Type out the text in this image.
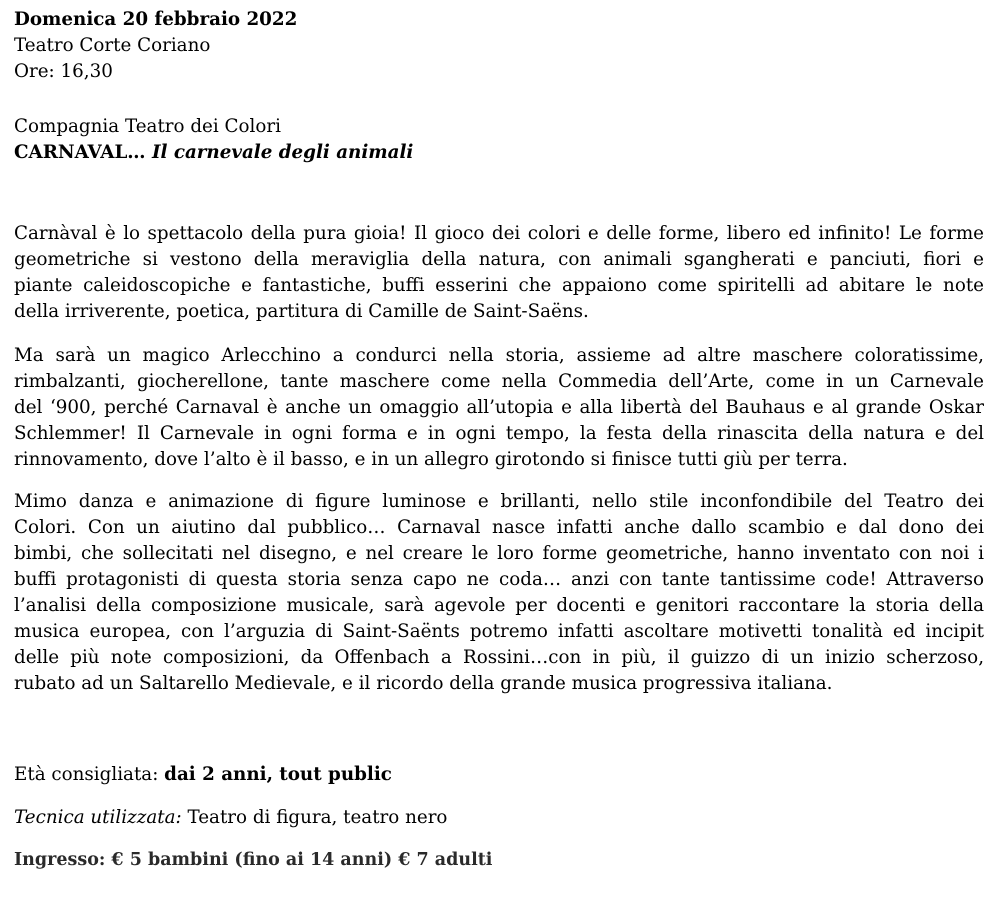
Domenica 20 febbraio 2022
Teatro Corte Coriano
Ore: 16,30
Compagnia Teatro dei Colori
CARNAVAL… Il carnevale degli animali
Carnàval è lo spettacolo della pura gioia! Il gioco dei colori e delle forme, libero ed infinito! Le forme
geometriche si vestono della meraviglia della natura, con animali sgangherati e panciuti, fiori e
piante caleidoscopiche e fantastiche, buffi esserini che appaiono come spiritelli ad abitare le note
della irriverente, poetica, partitura di Camille de Saint-Saëns.
Ma sarà un magico Arlecchino a condurci nella storia, assieme ad altre maschere coloratissime,
rimbalzanti, giocherellone, tante maschere come nella Commedia dell’Arte, come in un Carnevale
del ‘900, perché Carnaval è anche un omaggio all’utopia e alla libertà del Bauhaus e al grande Oskar
Schlemmer! Il Carnevale in ogni forma e in ogni tempo, la festa della rinascita della natura e del
rinnovamento, dove l’alto è il basso, e in un allegro girotondo si finisce tutti giù per terra.
Mimo danza e animazione di figure luminose e brillanti, nello stile inconfondibile del Teatro dei
Colori. Con un aiutino dal pubblico… Carnaval nasce infatti anche dallo scambio e dal dono dei
bimbi, che sollecitati nel disegno, e nel creare le loro forme geometriche, hanno inventato con noi i
buffi protagonisti di questa storia senza capo ne coda… anzi con tante tantissime code! Attraverso
l’analisi della composizione musicale, sarà agevole per docenti e genitori raccontare la storia della
musica europea, con l’arguzia di Saint-Saënts potremo infatti ascoltare motivetti tonalità ed incipit
delle più note composizioni, da Offenbach a Rossini…con in più, il guizzo di un inizio scherzoso,
rubato ad un Saltarello Medievale, e il ricordo della grande musica progressiva italiana.
Età consigliata: dai 2 anni, tout public
Tecnica utilizzata: Teatro di figura, teatro nero
Ingresso: € 5 bambini (fino ai 14 anni) € 7 adulti
